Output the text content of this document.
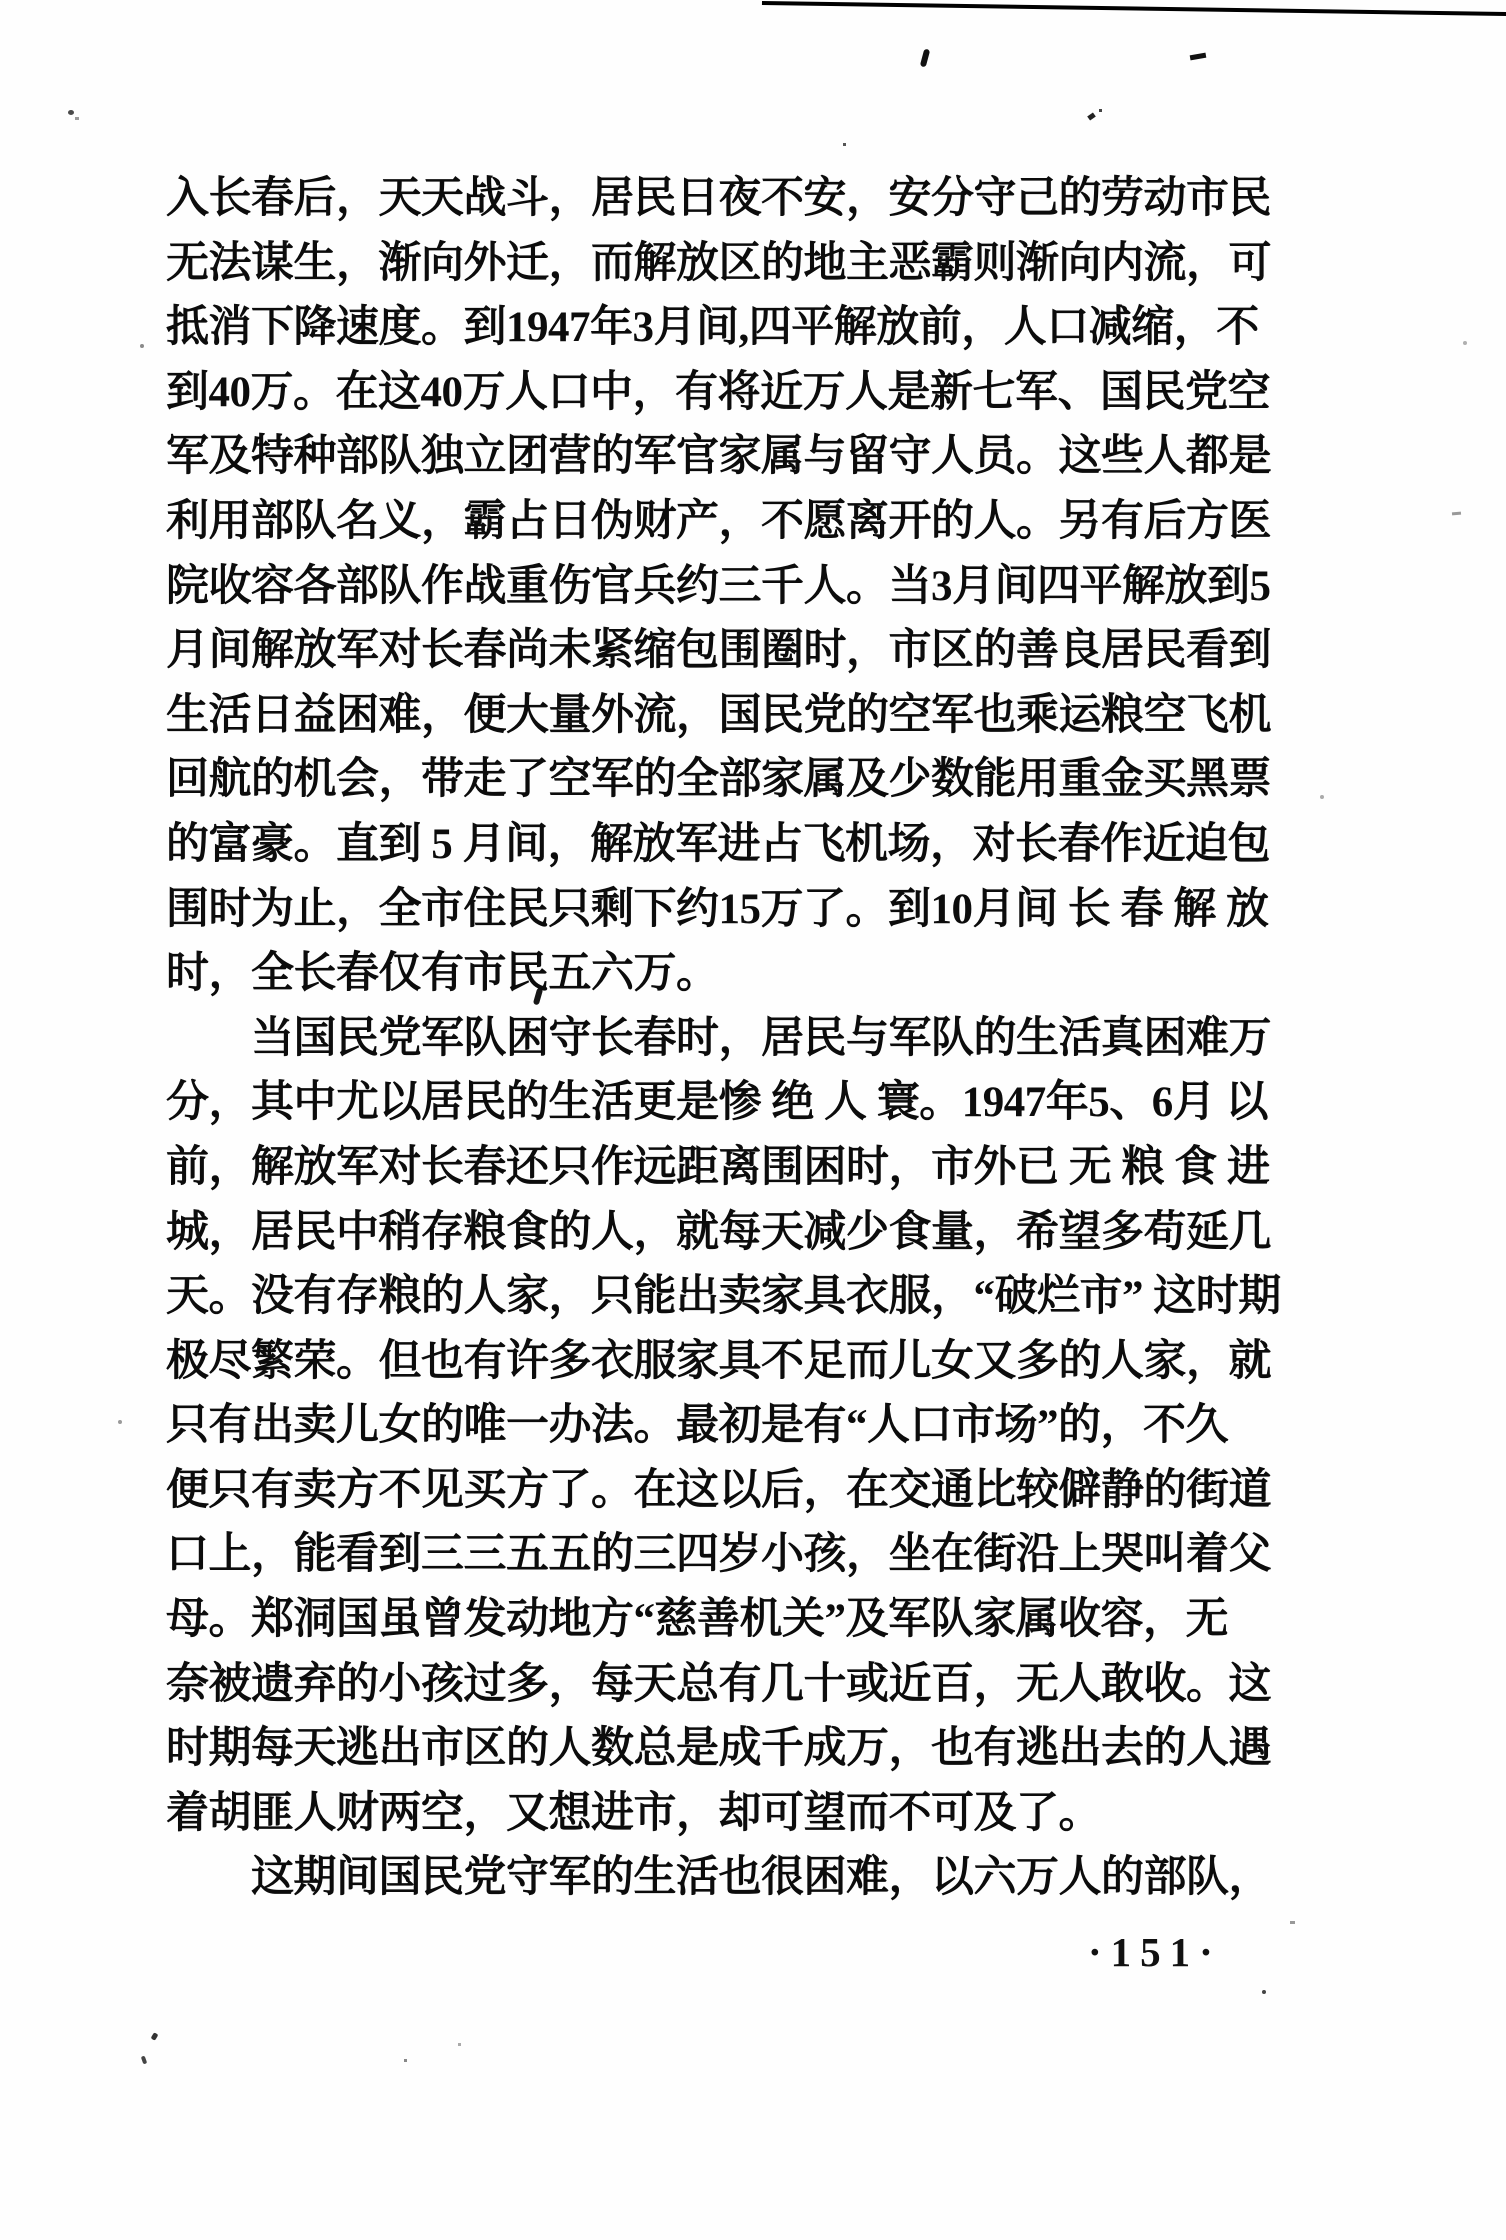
入长春后，天天战斗，居民日夜不安，安分守己的劳动市民
无法谋生，渐向外迁，而解放区的地主恶霸则渐向内流，可
抵消下降速度。到1947年3月间,四平解放前，人口减缩，不
到40万。在这40万人口中，有将近万人是新七军、国民党空
军及特种部队独立团营的军官家属与留守人员。这些人都是
利用部队名义，霸占日伪财产，不愿离开的人。另有后方医
院收容各部队作战重伤官兵约三千人。当3月间四平解放到5
月间解放军对长春尚未紧缩包围圈时，市区的善良居民看到
生活日益困难，便大量外流，国民党的空军也乘运粮空飞机
回航的机会，带走了空军的全部家属及少数能用重金买黑票
的富豪。直到 5 月间，解放军进占飞机场，对长春作近迫包
围时为止，全市住民只剩下约15万了。到10月间 长 春 解 放
时，全长春仅有市民五六万。
当国民党军队困守长春时，居民与军队的生活真困难万
分，其中尤以居民的生活更是惨 绝 人 寰。1947年5、6月 以
前，解放军对长春还只作远距离围困时，市外已 无 粮 食 进
城，居民中稍存粮食的人，就每天减少食量，希望多苟延几
天。没有存粮的人家，只能出卖家具衣服，“破烂市” 这时期
极尽繁荣。但也有许多衣服家具不足而儿女又多的人家，就
只有出卖儿女的唯一办法。最初是有“人口市场”的，不久
便只有卖方不见买方了。在这以后，在交通比较僻静的街道
口上，能看到三三五五的三四岁小孩，坐在街沿上哭叫着父
母。郑洞国虽曾发动地方“慈善机关”及军队家属收容，无
奈被遗弃的小孩过多，每天总有几十或近百，无人敢收。这
时期每天逃出市区的人数总是成千成万，也有逃出去的人遇
着胡匪人财两空，又想进市，却可望而不可及了。
这期间国民党守军的生活也很困难，以六万人的部队，
·151·
